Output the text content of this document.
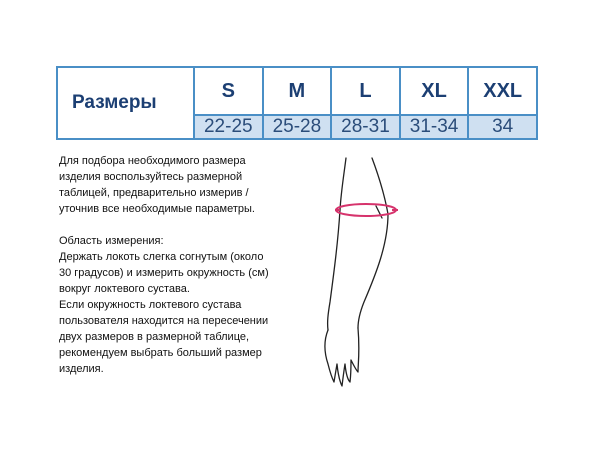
Размеры	S	M	L	XL	XXL
	22-25	25-28	28-31	31-34	34

Для подбора необходимого размера

изделия воспользуйтесь размерной

таблицей, предварительно измерив /

уточнив все необходимые параметры.

Область измерения:

Держать локоть слегка согнутым (около

30 градусов) и измерить окружность (см)

вокруг локтевого сустава.

Если окружность локтевого сустава

пользователя находится на пересечении

двух размеров в размерной таблице,

рекомендуем выбрать больший размер

изделия.
